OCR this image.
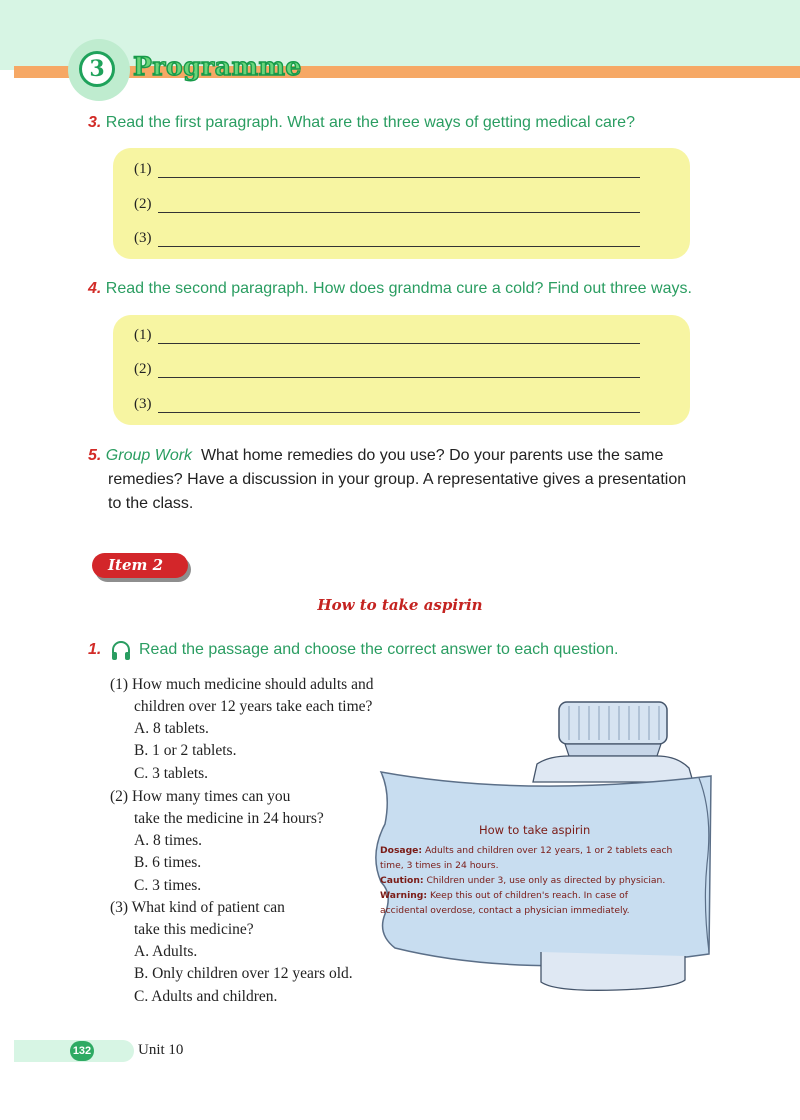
3	Programme
3. Read the first paragraph. What are the three ways of getting medical care?
(1)
(2)
(3)
4. Read the second paragraph. How does grandma cure a cold? Find out three ways.
(1)
(2)
(3)
5. Group Work What home remedies do you use? Do your parents use the same
remedies? Have a discussion in your group. A representative gives a presentation
to the class.
Item 2
How to take aspirin
1. Read the passage and choose the correct answer to each question.
How to take aspirin
Dosage: Adults and children over 12 years, 1 or 2 tablets each
time, 3 times in 24 hours.
Caution: Children under 3, use only as directed by physician.
Warning: Keep this out of children's reach. In case of
accidental overdose, contact a physician immediately.
(1) How much medicine should adults and
children over 12 years take each time?
A. 8 tablets.
B. 1 or 2 tablets.
C. 3 tablets.
(2) How many times can you
take the medicine in 24 hours?
A. 8 times.
B. 6 times.
C. 3 times.
(3) What kind of patient can
take this medicine?
A. Adults.
B. Only children over 12 years old.
C. Adults and children.
132	Unit 10
